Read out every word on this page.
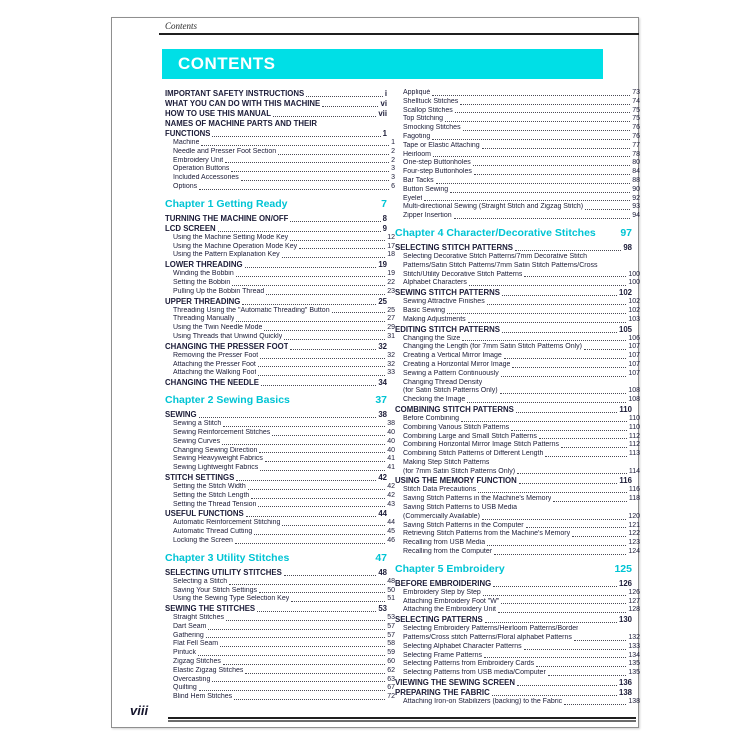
Contents
CONTENTS
IMPORTANT SAFETY INSTRUCTIONS	i
WHAT YOU CAN DO WITH THIS MACHINE	vi
HOW TO USE THIS MANUAL	vii
NAMES OF MACHINE PARTS AND THEIR
FUNCTIONS	1
Machine	1
Needle and Presser Foot Section	2
Embroidery Unit	2
Operation Buttons	3
Included Accessories	3
Options	6
Chapter 1 Getting Ready	7
TURNING THE MACHINE ON/OFF	8
LCD SCREEN	9
Using the Machine Setting Mode Key	12
Using the Machine Operation Mode Key	17
Using the Pattern Explanation Key	18
LOWER THREADING	19
Winding the Bobbin	19
Setting the Bobbin	22
Pulling Up the Bobbin Thread	23
UPPER THREADING	25
Threading Using the "Automatic Threading" Button	25
Threading Manually	27
Using the Twin Needle Mode	29
Using Threads that Unwind Quickly	31
CHANGING THE PRESSER FOOT	32
Removing the Presser Foot	32
Attaching the Presser Foot	32
Attaching the Walking Foot	33
CHANGING THE NEEDLE	34
Chapter 2 Sewing Basics	37
SEWING	38
Sewing a Stitch	38
Sewing Reinforcement Stitches	40
Sewing Curves	40
Changing Sewing Direction	40
Sewing Heavyweight Fabrics	41
Sewing Lightweight Fabrics	41
STITCH SETTINGS	42
Setting the Stitch Width	42
Setting the Stitch Length	42
Setting the Thread Tension	43
USEFUL FUNCTIONS	44
Automatic Reinforcement Stitching	44
Automatic Thread Cutting	45
Locking the Screen	46
Chapter 3 Utility Stitches	47
SELECTING UTILITY STITCHES	48
Selecting a Stitch	48
Saving Your Stitch Settings	50
Using the Sewing Type Selection Key	51
SEWING THE STITCHES	53
Straight Stitches	53
Dart Seam	57
Gathering	57
Flat Fell Seam	58
Pintuck	59
Zigzag Stitches	60
Elastic Zigzag Stitches	62
Overcasting	63
Quilting	67
Blind Hem Stitches	72
Appliqué	73
Shelltuck Stitches	74
Scallop Stitches	75
Top Stitching	75
Smocking Stitches	76
Fagoting	76
Tape or Elastic Attaching	77
Heirloom	78
One-step Buttonholes	80
Four-step Buttonholes	84
Bar Tacks	88
Button Sewing	90
Eyelet	92
Multi-directional Sewing (Straight Stitch and Zigzag Stitch)	93
Zipper Insertion	94
Chapter 4 Character/Decorative Stitches 97
SELECTING STITCH PATTERNS	98
Selecting Decorative Stitch Patterns/7mm Decorative Stitch
Patterns/Satin Stitch Patterns/7mm Satin Stitch Patterns/Cross
Stitch/Utility Decorative Stitch Patterns	100
Alphabet Characters	100
SEWING STITCH PATTERNS	102
Sewing Attractive Finishes	102
Basic Sewing	102
Making Adjustments	103
EDITING STITCH PATTERNS	105
Changing the Size	106
Changing the Length (for 7mm Satin Stitch Patterns Only)	107
Creating a Vertical Mirror Image	107
Creating a Horizontal Mirror Image	107
Sewing a Pattern Continuously	107
Changing Thread Density
(for Satin Stitch Patterns Only)	108
Checking the Image	108
COMBINING STITCH PATTERNS	110
Before Combining	110
Combining Various Stitch Patterns	110
Combining Large and Small Stitch Patterns	112
Combining Horizontal Mirror Image Stitch Patterns	112
Combining Stitch Patterns of Different Length	113
Making Step Stitch Patterns
(for 7mm Satin Stitch Patterns Only)	114
USING THE MEMORY FUNCTION	116
Stitch Data Precautions	116
Saving Stitch Patterns in the Machine's Memory	118
Saving Stitch Patterns to USB Media
(Commercially Available)	120
Saving Stitch Patterns in the Computer	121
Retrieving Stitch Patterns from the Machine's Memory	122
Recalling from USB Media	123
Recalling from the Computer	124
Chapter 5 Embroidery	125
BEFORE EMBROIDERING	126
Embroidery Step by Step	126
Attaching Embroidery Foot "W"	127
Attaching the Embroidery Unit	128
SELECTING PATTERNS	130
Selecting Embroidery Patterns/Heirloom Patterns/Border
Patterns/Cross stitch Patterns/Floral alphabet Patterns	132
Selecting Alphabet Character Patterns	133
Selecting Frame Patterns	134
Selecting Patterns from Embroidery Cards	135
Selecting Patterns from USB media/Computer	135
VIEWING THE SEWING SCREEN	136
PREPARING THE FABRIC	138
Attaching Iron-on Stabilizers (backing) to the Fabric	138
viii
